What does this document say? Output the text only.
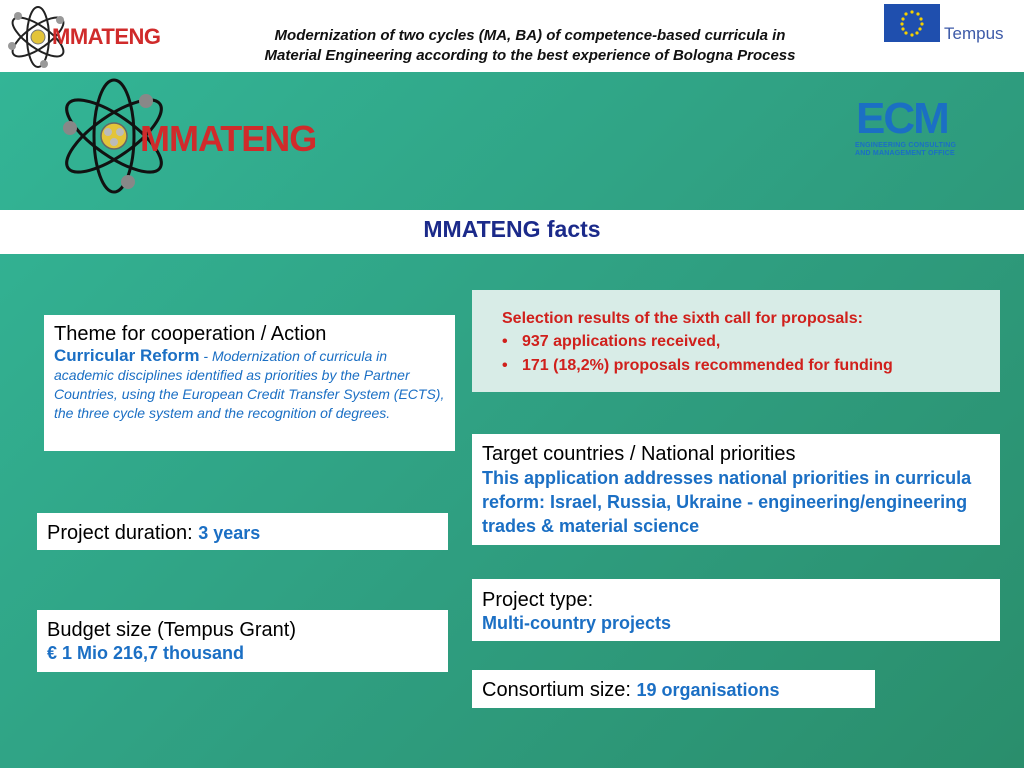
MMATENG	Modernization of two cycles (MA, BA) of competence-based curricula in
Material Engineering according to the best experience of Bologna Process
Tempus
MMATENG	ECM
ENGINEERING CONSULTING
AND MANAGEMENT OFFICE
MMATENG facts
Theme for cooperation / Action
Curricular Reform - Modernization of curricula in academic disciplines identified as priorities by the Partner Countries, using the European Credit Transfer System (ECTS), the three cycle system and the recognition of degrees.
Selection results of the sixth call for proposals:
• 937 applications received,
• 171 (18,2%) proposals recommended for funding
Target countries / National priorities
This application addresses national priorities in curricula reform: Israel, Russia, Ukraine - engineering/engineering trades & material science
Project duration: 3 years
Project type:
Multi-country projects
Budget size (Tempus Grant)
€ 1 Mio 216,7 thousand
Consortium size: 19 organisations
